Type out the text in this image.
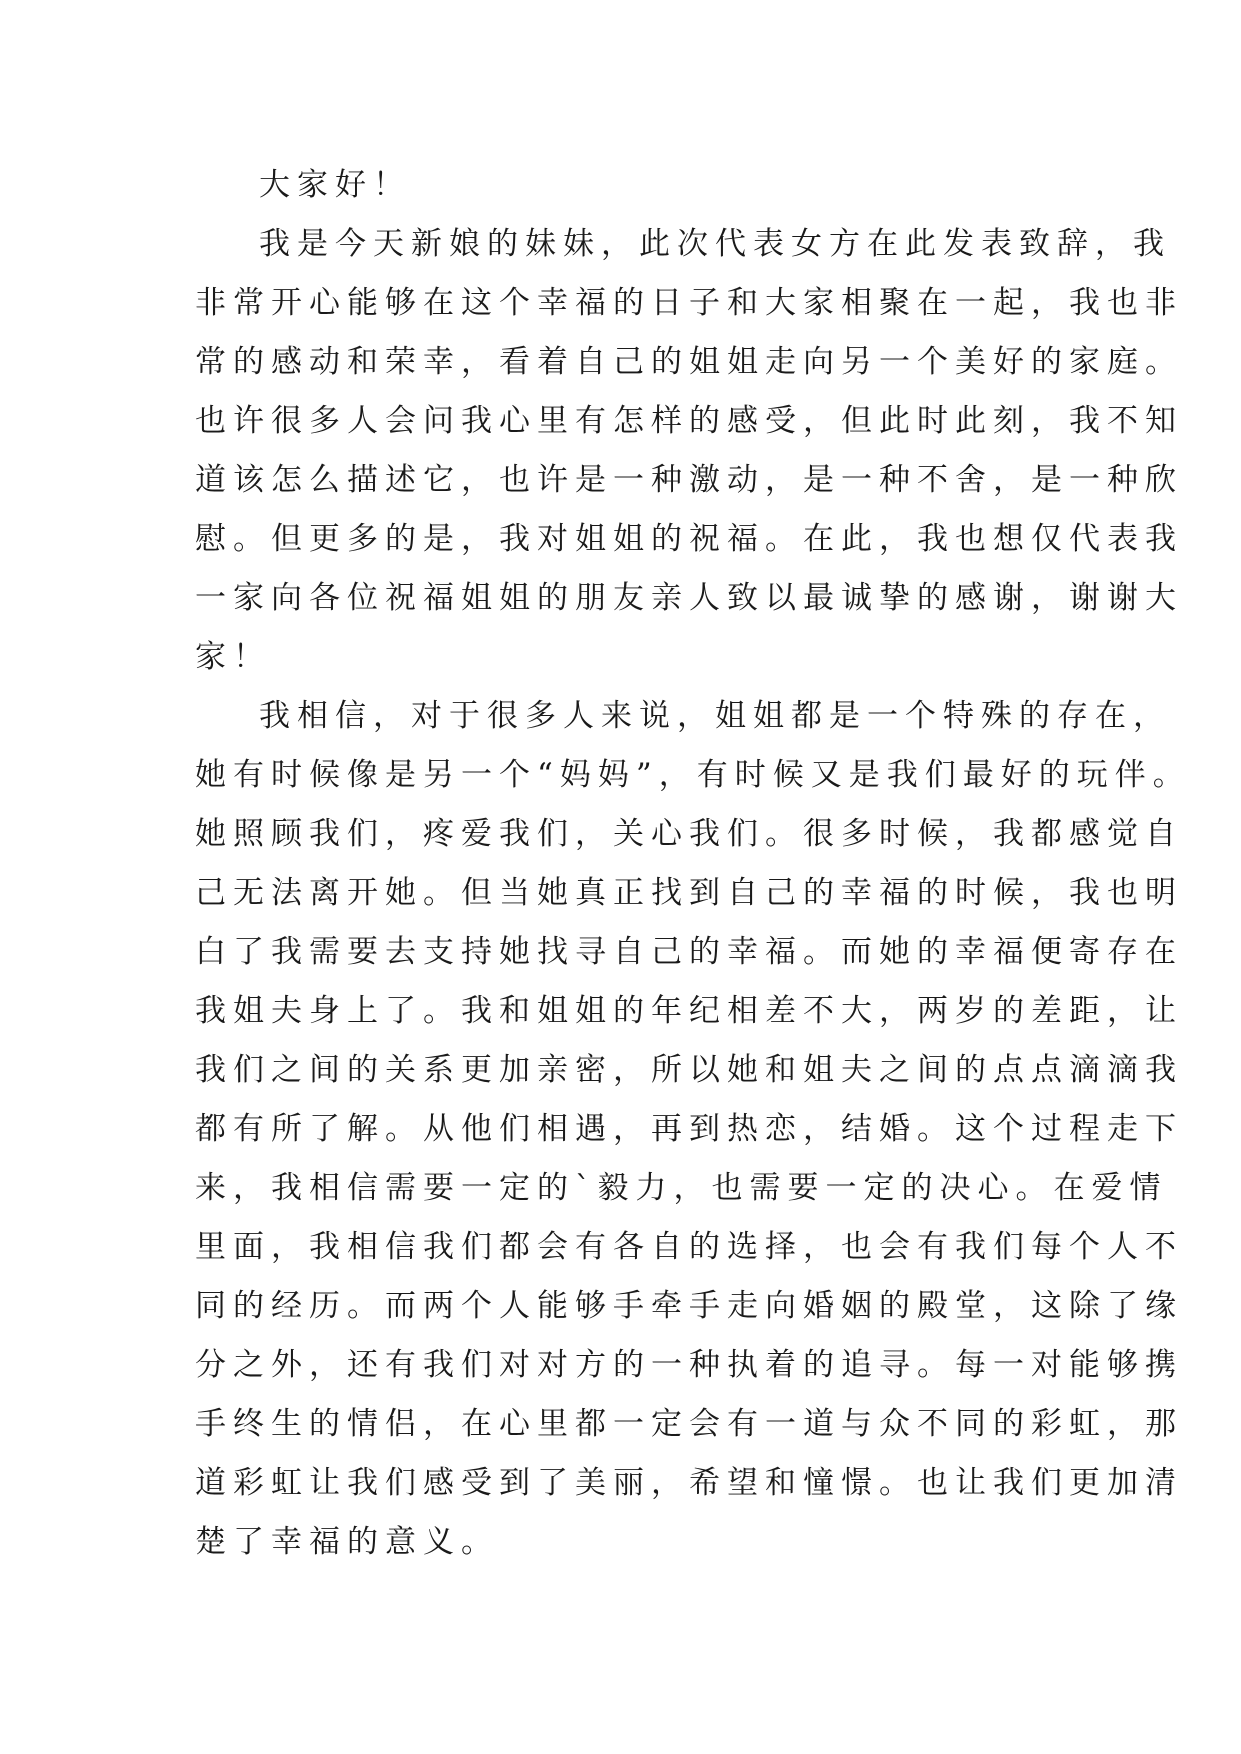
大家好！
我是今天新娘的妹妹，此次代表女方在此发表致辞，我
非常开心能够在这个幸福的日子和大家相聚在一起，我也非
常的感动和荣幸，看着自己的姐姐走向另一个美好的家庭。
也许很多人会问我心里有怎样的感受，但此时此刻，我不知
道该怎么描述它，也许是一种激动，是一种不舍，是一种欣
慰。但更多的是，我对姐姐的祝福。在此，我也想仅代表我
一家向各位祝福姐姐的朋友亲人致以最诚挚的感谢，谢谢大
家！
我相信，对于很多人来说，姐姐都是一个特殊的存在，
她有时候像是另一个“妈妈”，有时候又是我们最好的玩伴。
她照顾我们，疼爱我们，关心我们。很多时候，我都感觉自
己无法离开她。但当她真正找到自己的幸福的时候，我也明
白了我需要去支持她找寻自己的幸福。而她的幸福便寄存在
我姐夫身上了。我和姐姐的年纪相差不大，两岁的差距，让
我们之间的关系更加亲密，所以她和姐夫之间的点点滴滴我
都有所了解。从他们相遇，再到热恋，结婚。这个过程走下
来，我相信需要一定的`毅力，也需要一定的决心。在爱情
里面，我相信我们都会有各自的选择，也会有我们每个人不
同的经历。而两个人能够手牵手走向婚姻的殿堂，这除了缘
分之外，还有我们对对方的一种执着的追寻。每一对能够携
手终生的情侣，在心里都一定会有一道与众不同的彩虹，那
道彩虹让我们感受到了美丽，希望和憧憬。也让我们更加清
楚了幸福的意义。
